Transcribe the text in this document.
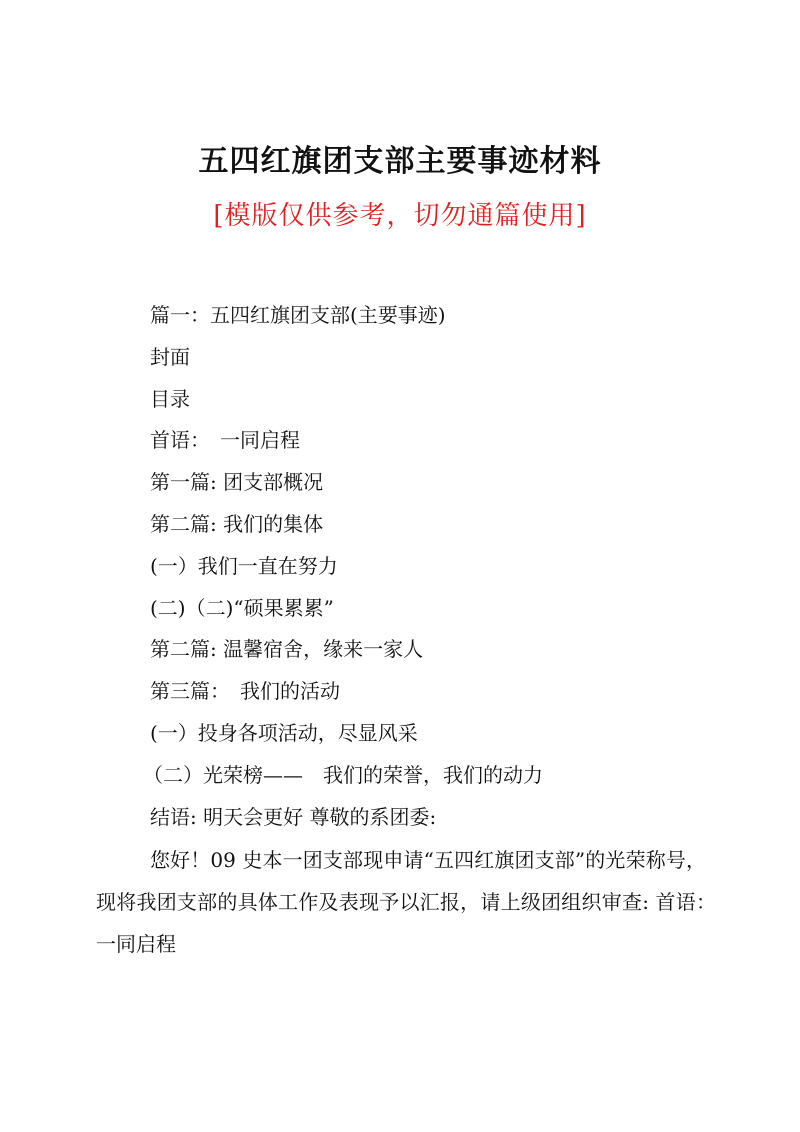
五四红旗团支部主要事迹材料
[模版仅供参考，切勿通篇使用]
篇一：五四红旗团支部(主要事迹)
封面
目录
首语：　一同启程
第一篇: 团支部概况
第二篇: 我们的集体
(一）我们一直在努力
(二)（二)“硕果累累”
第二篇: 温馨宿舍，缘来一家人
第三篇：　我们的活动
(一）投身各项活动，尽显风采
（二）光荣榜——　我们的荣誉，我们的动力
结语: 明天会更好 尊敬的系团委:

您好！09 史本一团支部现申请“五四红旗团支部”的光荣称号，现将我团支部的具体工作及表现予以汇报，请上级团组织审查: 首语：　一同启程
